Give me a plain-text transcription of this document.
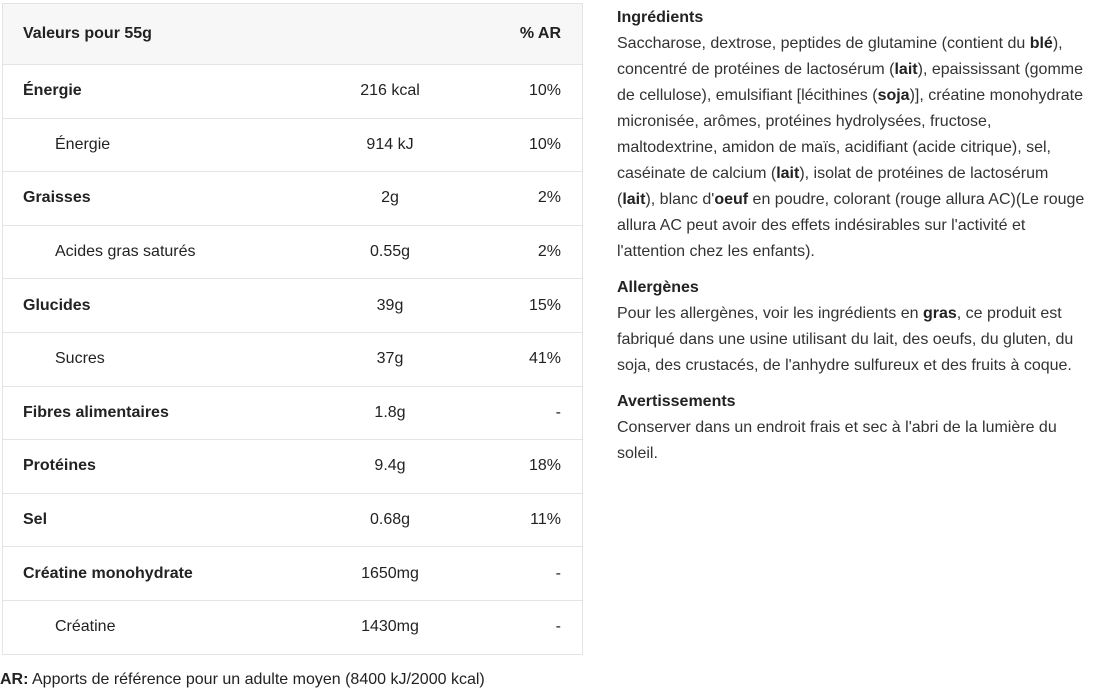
Valeurs pour 55g	% AR
Énergie	216 kcal	10%
Énergie	914 kJ	10%
Graisses	2g	2%
Acides gras saturés	0.55g	2%
Glucides	39g	15%
Sucres	37g	41%
Fibres alimentaires	1.8g	-
Protéines	9.4g	18%
Sel	0.68g	11%
Créatine monohydrate	1650mg	-
Créatine	1430mg	-
AR: Apports de référence pour un adulte moyen (8400 kJ/2000 kcal)
Ingrédients
Saccharose, dextrose, peptides de glutamine (contient du blé), concentré de protéines de lactosérum (lait), epaississant (gomme de cellulose), emulsifiant [lécithines (soja)], créatine monohydrate micronisée, arômes, protéines hydrolysées, fructose, maltodextrine, amidon de maïs, acidifiant (acide citrique), sel, caséinate de calcium (lait), isolat de protéines de lactosérum (lait), blanc d'oeuf en poudre, colorant (rouge allura AC)(Le rouge allura AC peut avoir des effets indésirables sur l'activité et l'attention chez les enfants).
Allergènes
Pour les allergènes, voir les ingrédients en gras, ce produit est fabriqué dans une usine utilisant du lait, des oeufs, du gluten, du soja, des crustacés, de l'anhydre sulfureux et des fruits à coque.
Avertissements
Conserver dans un endroit frais et sec à l'abri de la lumière du soleil.
